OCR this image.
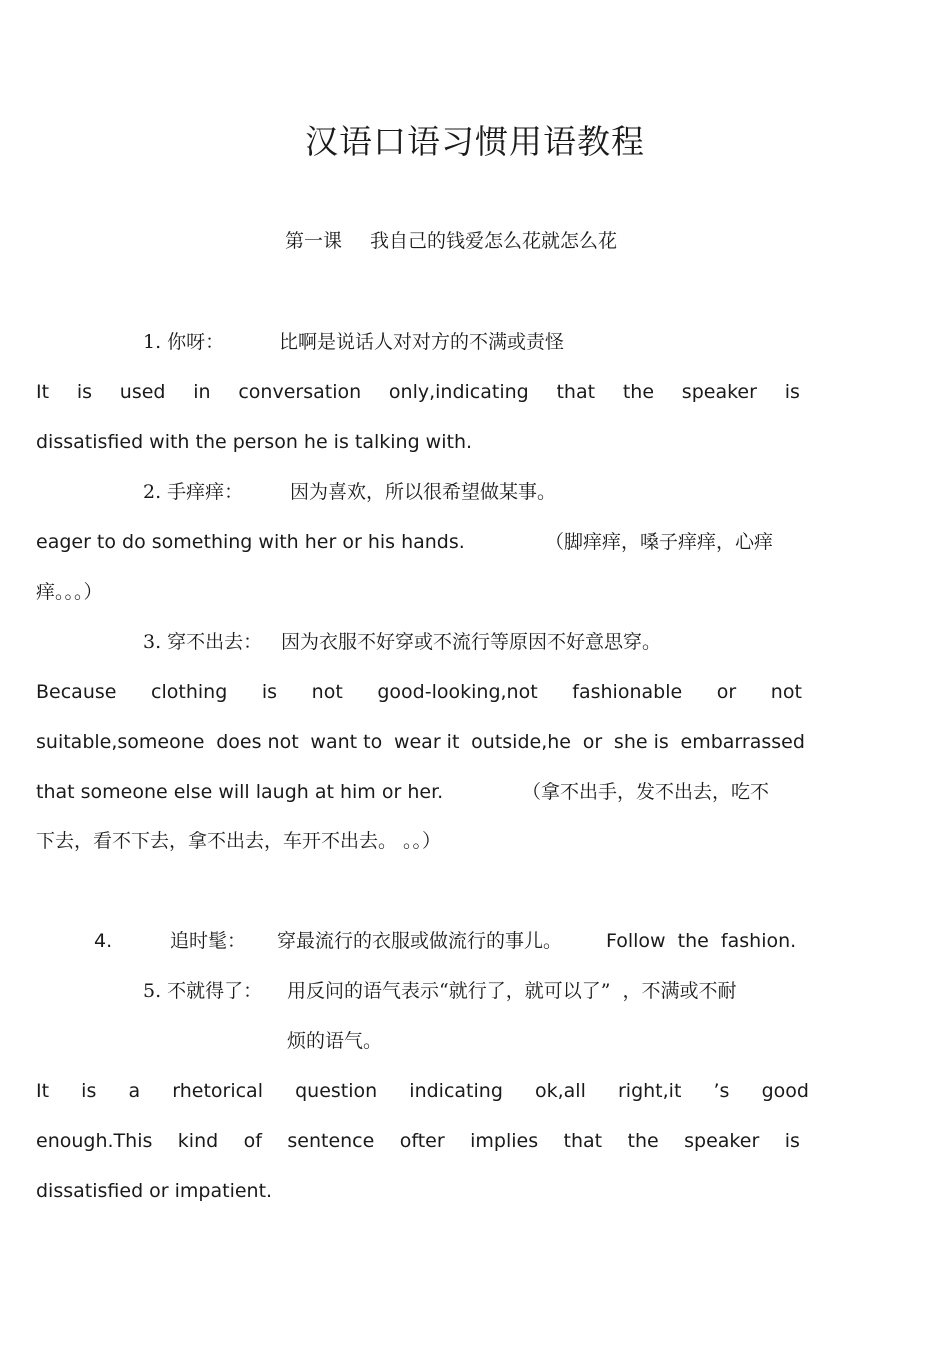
汉语口语习惯用语教程
第一课 我自己的钱爱怎么花就怎么花
1. 你呀：	比啊是说话人对对方的不满或责怪
It is used in conversation only,indicating that the speaker is
dissatisfied with the person he is talking with.
2. 手痒痒： 因为喜欢，所以很希望做某事。
eager to do something with her or his hands.	（脚痒痒，嗓子痒痒，心痒
痒。。。）
3. 穿不出去： 因为衣服不好穿或不流行等原因不好意思穿。
Because clothing is not good-looking,not fashionable or not
suitable,someone does not want to wear it outside,he or she is embarrassed
that someone else will laugh at him or her.	（拿不出手，发不出去，吃不
下去，看不下去，拿不出去，车开不出去。 。。）
4.	追时髦： 穿最流行的衣服或做流行的事儿。 Follow  the  fashion.
5. 不就得了： 用反问的语气表示“就行了，就可以了”  ，不满或不耐
烦的语气。
It is a rhetorical question indicating ok,all right,it ’s good
enough.This kind of sentence ofter implies that the speaker is
dissatisfied or impatient.
